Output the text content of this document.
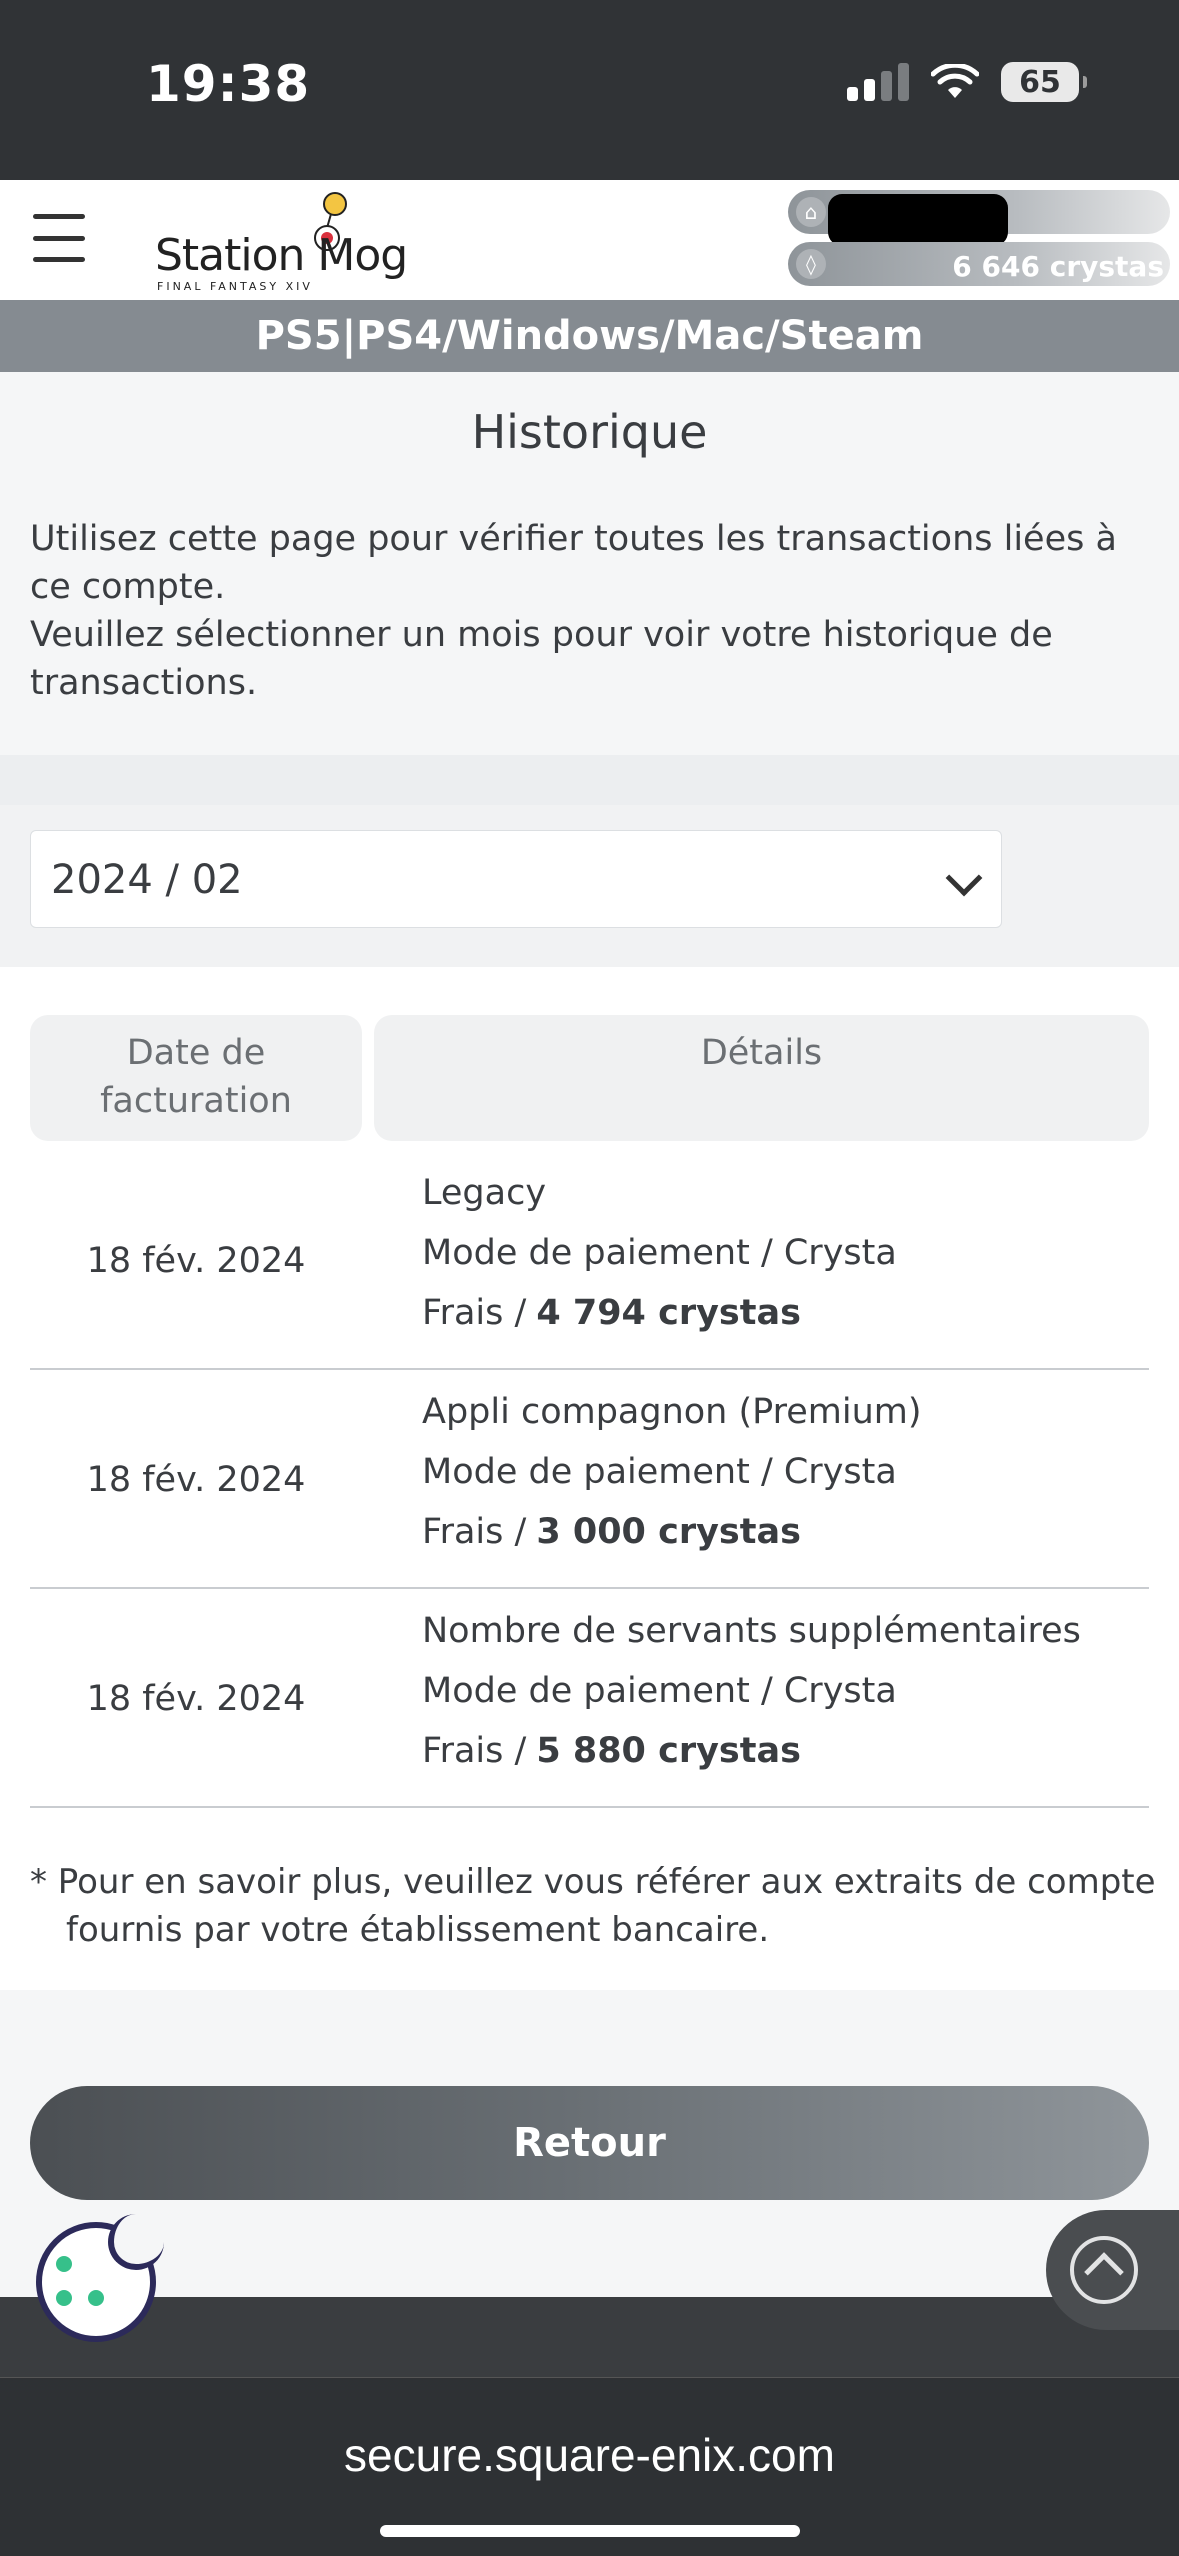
19:38	65
Station Mog
FINAL FANTASY XIV
⌂
◊	6 646 crystas
PS5|PS4/Windows/Mac/Steam
Historique
Utilisez cette page pour vérifier toutes les transactions liées à ce compte.
Veuillez sélectionner un mois pour voir votre historique de transactions.
2024 / 02
Date de facturation
Détails
18 fév. 2024
Legacy
Mode de paiement / Crysta
Frais / 4 794 crystas
18 fév. 2024
Appli compagnon (Premium)
Mode de paiement / Crysta
Frais / 3 000 crystas
18 fév. 2024
Nombre de servants supplémentaires
Mode de paiement / Crysta
Frais / 5 880 crystas
* Pour en savoir plus, veuillez vous référer aux extraits de compte
fournis par votre établissement bancaire.
Retour
secure.square-enix.com
